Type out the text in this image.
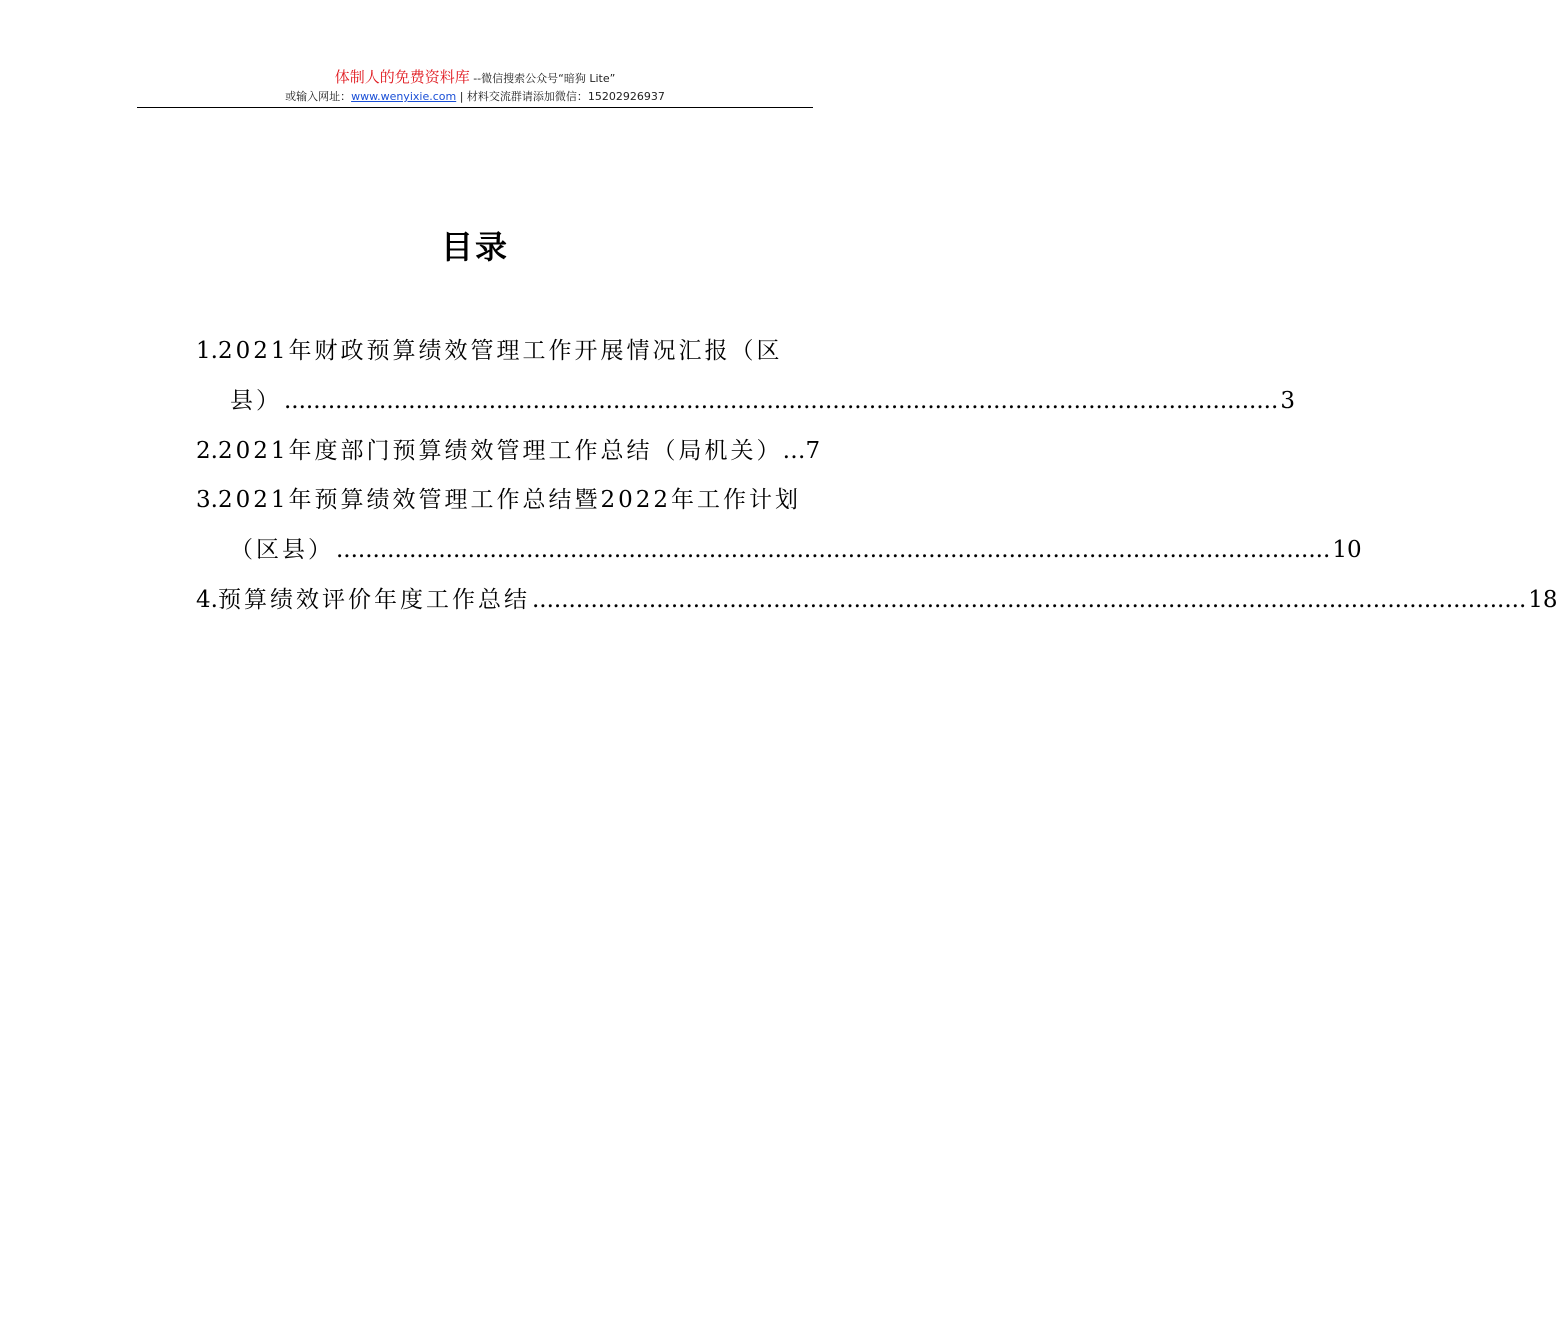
体制人的免费资料库 --微信搜索公众号“暗狗 Lite”
或输入网址：www.wenyixie.com | 材料交流群请添加微信：15202926937
目录
1. 2021年财政预算绩效管理工作开展情况汇报（区
县） ........................................................................................................................................ 3
2. 2021年度部门预算绩效管理工作总结（局机关） … 7
3. 2021年预算绩效管理工作总结暨2022年工作计划
（区县） ........................................................................................................................................ 10
4. 预算绩效评价年度工作总结 ........................................................................................................................................ 18
